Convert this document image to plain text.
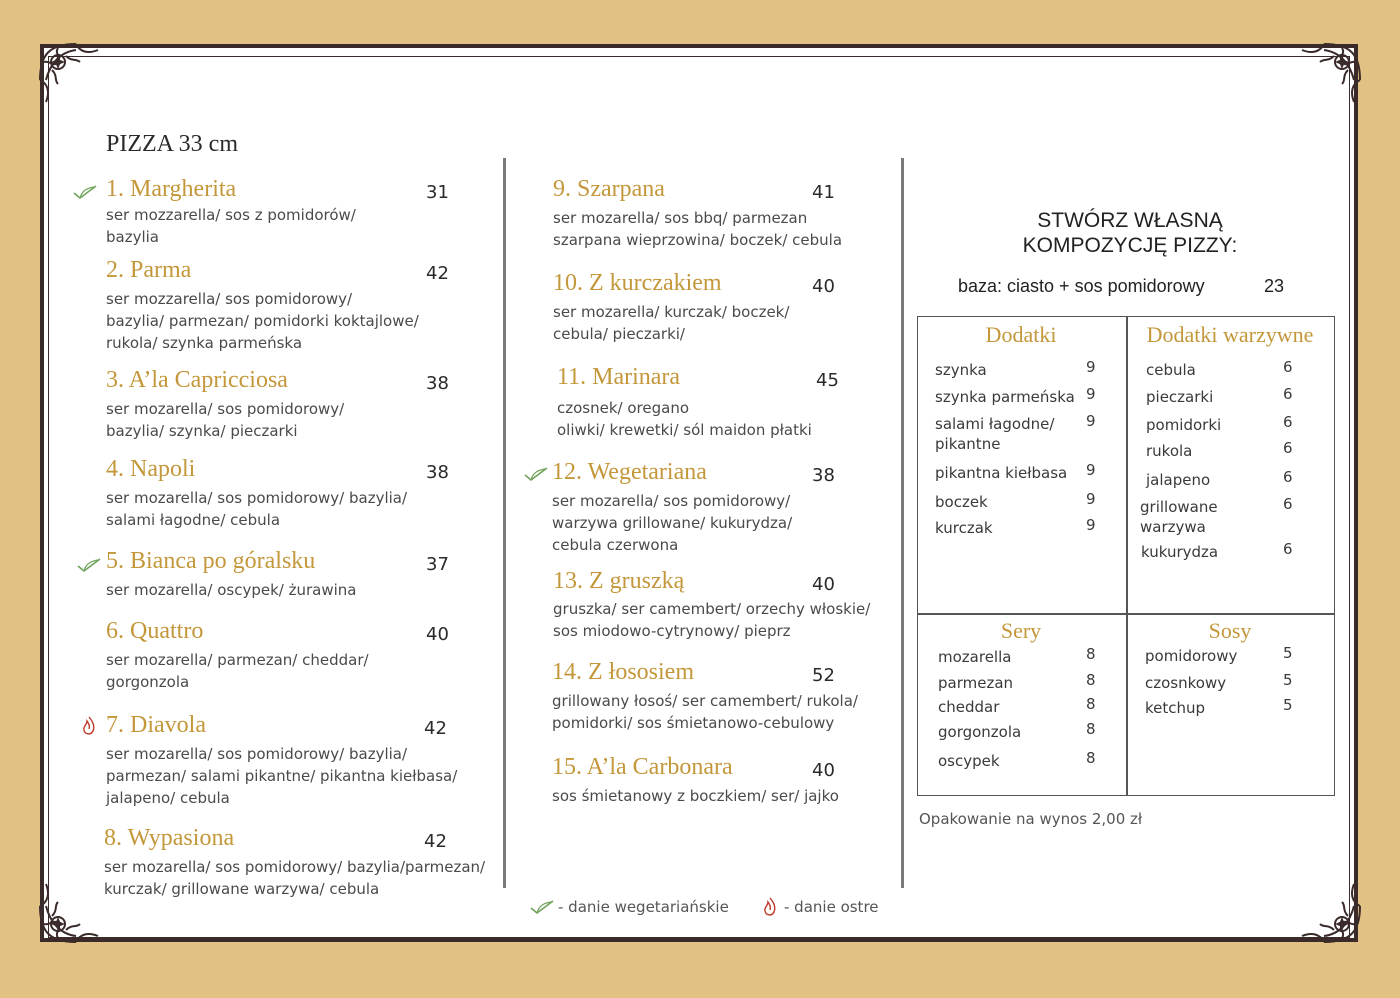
PIZZA 33 cm
1. Margherita	31
ser mozzarella/ sos z pomidorów/
bazylia
2. Parma	42
ser mozzarella/ sos pomidorowy/
bazylia/ parmezan/ pomidorki koktajlowe/
rukola/ szynka parmeńska
3. A’la Capricciosa	38
ser mozarella/ sos pomidorowy/
bazylia/ szynka/ pieczarki
4. Napoli	38
ser mozarella/ sos pomidorowy/ bazylia/
salami łagodne/ cebula
5. Bianca po góralsku	37
ser mozarella/ oscypek/ żurawina
6. Quattro	40
ser mozarella/ parmezan/ cheddar/
gorgonzola
7. Diavola	42
ser mozarella/ sos pomidorowy/ bazylia/
parmezan/ salami pikantne/ pikantna kiełbasa/
jalapeno/ cebula
8. Wypasiona	42
ser mozarella/ sos pomidorowy/ bazylia/parmezan/
kurczak/ grillowane warzywa/ cebula
9. Szarpana	41
ser mozarella/ sos bbq/ parmezan
szarpana wieprzowina/ boczek/ cebula
10. Z kurczakiem	40
ser mozarella/ kurczak/ boczek/
cebula/ pieczarki/
11. Marinara	45
czosnek/ oregano
oliwki/ krewetki/ sól maidon płatki
12. Wegetariana	38
ser mozarella/ sos pomidorowy/
warzywa grillowane/ kukurydza/
cebula czerwona
13. Z gruszką	40
gruszka/ ser camembert/ orzechy włoskie/
sos miodowo-cytrynowy/ pieprz
14. Z łososiem	52
grillowany łosoś/ ser camembert/ rukola/
pomidorki/ sos śmietanowo-cebulowy
15. A’la Carbonara	40
sos śmietanowy z boczkiem/ ser/ jajko
STWÓRZ WŁASNĄ KOMPOZYCJĘ PIZZY:
baza: ciasto + sos pomidorowy	23
Dodatki
szynka	9
szynka parmeńska 9
salami łagodne/ pikantne
9
pikantna kiełbasa 9
boczek	9
kurczak	9
Dodatki warzywne
cebula	6
pieczarki	6
pomidorki	6
rukola	6
jalapeno	6
grillowane warzywa
6
kukurydza	6
Sery
mozarella	8
parmezan	8
cheddar	8
gorgonzola	8
oscypek	8
Sosy
pomidorowy	5
czosnkowy	5
ketchup	5
Opakowanie na wynos 2,00 zł
- danie wegetariańskie	- danie ostre
